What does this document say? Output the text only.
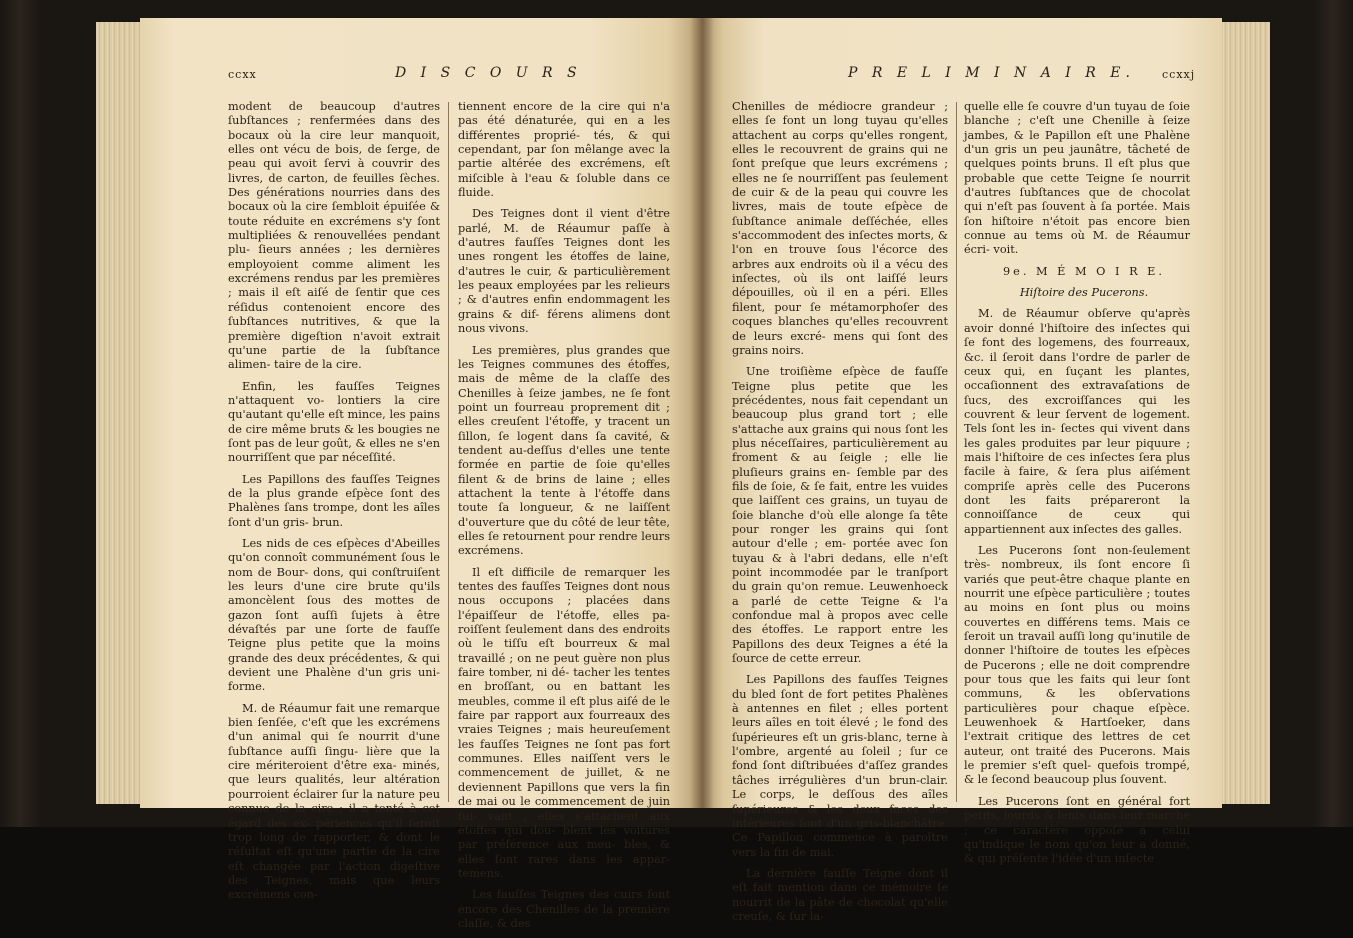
ccxx	D I S C O U R S

modent de beaucoup d'autres ſubſtances ; renfermées dans des bocaux où la cire leur manquoit, elles ont vécu de bois, de ſerge, de peau qui avoit ſervi à couvrir des livres, de carton, de feuilles ſèches. Des générations nourries dans des bocaux où la cire ſembloit épuiſée & toute réduite en excrémens s'y ſont multipliées & renouvellées pendant plu- ſieurs années ; les dernières employoient comme aliment les excrémens rendus par les premières ; mais il eſt aiſé de ſentir que ces réſidus contenoient encore des ſubſtances nutritives, & que la première digeſtion n'avoit extrait qu'une partie de la ſubſtance alimen- taire de la cire.

Enfin, les fauſſes Teignes n'attaquent vo- lontiers la cire qu'autant qu'elle eſt mince, les pains de cire même bruts & les bougies ne ſont pas de leur goût, & elles ne s'en nourriſſent que par néceſſité.

Les Papillons des fauſſes Teignes de la plus grande eſpèce ſont des Phalènes ſans trompe, dont les aîles ſont d'un gris- brun.

Les nids de ces eſpèces d'Abeilles qu'on connoît communément ſous le nom de Bour- dons, qui conſtruiſent les leurs d'une cire brute qu'ils amoncèlent ſous des mottes de gazon ſont auſſi ſujets à être dévaſtés par une ſorte de fauſſe Teigne plus petite que la moins grande des deux précédentes, & qui devient une Phalène d'un gris uni- forme.

M. de Réaumur fait une remarque bien ſenſée, c'eſt que les excrémens d'un animal qui ſe nourrit d'une ſubſtance auſſi ſingu- lière que la cire mériteroient d'être exa- minés, que leurs qualités, leur altération pourroient éclairer ſur la nature peu connue de la cire ; il a tenté à cet égard des ex- périences qu'il ſeroit trop long de rapporter, & dont le réſultat eſt qu'une partie de la cire eſt changée par l'action digeſtive des Teignes, mais que leurs excrémens con-

tiennent encore de la cire qui n'a pas été dénaturée, qui en a les différentes proprié- tés, & qui cependant, par ſon mêlange avec la partie altérée des excrémens, eſt miſcible à l'eau & ſoluble dans ce fluide.

Des Teignes dont il vient d'être parlé, M. de Réaumur paſſe à d'autres fauſſes Teignes dont les unes rongent les étoffes de laine, d'autres le cuir, & particulièrement les peaux employées par les relieurs ; & d'autres enfin endommagent les grains & dif- férens alimens dont nous vivons.

Les premières, plus grandes que les Teignes communes des étoffes, mais de même de la claſſe des Chenilles à ſeize jambes, ne ſe font point un fourreau proprement dit ; elles creuſent l'étoffe, y tracent un ſillon, ſe logent dans ſa cavité, & tendent au-deſſus d'elles une tente formée en partie de ſoie qu'elles filent & de brins de laine ; elles attachent la tente à l'étoffe dans toute ſa longueur, & ne laiſſent d'ouverture que du côté de leur tête, elles ſe retournent pour rendre leurs excrémens.

Il eſt difficile de remarquer les tentes des fauſſes Teignes dont nous nous occupons ; placées dans l'épaiſſeur de l'étoffe, elles pa- roiſſent ſeulement dans des endroits où le tiſſu eſt bourreux & mal travaillé ; on ne peut guère non plus faire tomber, ni dé- tacher les tentes en broſſant, ou en battant les meubles, comme il eſt plus aiſé de le faire par rapport aux fourreaux des vraies Teignes ; mais heureuſement les fauſſes Teignes ne ſont pas fort communes. Elles naiſſent vers le commencement de juillet, & ne deviennent Papillons que vers la fin de mai ou le commencement de juin ſui- vant ; elles s'attachent aux étoffes qui dou- blent les voitures par préférence aux meu- bles, & elles ſont rares dans les appar- temens.

Les fauſſes Teignes des cuirs ſont encore des Chenilles de la première claſſe, & des

P R E L I M I N A I R E. ccxxj

Chenilles de médiocre grandeur ; elles ſe font un long tuyau qu'elles attachent au corps qu'elles rongent, elles le recouvrent de grains qui ne ſont preſque que leurs excrémens ; elles ne ſe nourriſſent pas ſeulement de cuir & de la peau qui couvre les livres, mais de toute eſpèce de ſubſtance animale deſſéchée, elles s'accommodent des inſectes morts, & l'on en trouve ſous l'écorce des arbres aux endroits où il a vécu des inſectes, où ils ont laiſſé leurs dépouilles, où il en a péri. Elles filent, pour ſe métamorphoſer des coques blanches qu'elles recouvrent de leurs excré- mens qui ſont des grains noirs.

Une troiſième eſpèce de fauſſe Teigne plus petite que les précédentes, nous fait cependant un beaucoup plus grand tort ; elle s'attache aux grains qui nous ſont les plus néceſſaires, particulièrement au froment & au ſeigle ; elle lie pluſieurs grains en- ſemble par des fils de ſoie, & ſe fait, entre les vuides que laiſſent ces grains, un tuyau de ſoie blanche d'où elle alonge ſa tête pour ronger les grains qui ſont autour d'elle ; em- portée avec ſon tuyau & à l'abri dedans, elle n'eſt point incommodée par le tranſport du grain qu'on remue. Leuwenhoeck a parlé de cette Teigne & l'a confondue mal à propos avec celle des étoffes. Le rapport entre les Papillons des deux Teignes a été la ſource de cette erreur.

Les Papillons des fauſſes Teignes du bled ſont de fort petites Phalènes à antennes en filet ; elles portent leurs aîles en toit élevé ; le fond des ſupérieures eſt un gris-blanc, terne à l'ombre, argenté au ſoleil ; ſur ce fond ſont diſtribuées d'aſſez grandes tâches irrégulières d'un brun-clair. Le corps, le deſſous des aîles ſupérieures & les deux faces des inférieures ſont d'un gris-blanchâtre. Ce Papillon commence à paroître vers la fin de mai.

La dernière fauſſe Teigne dont il eſt fait mention dans ce mémoire ſe nourrit de la pâte de chocolat qu'elle creuſe, & ſur la-

quelle elle ſe couvre d'un tuyau de ſoie blanche ; c'eſt une Chenille à ſeize jambes, & le Papillon eſt une Phalène d'un gris un peu jaunâtre, tâcheté de quelques points bruns. Il eſt plus que probable que cette Teigne ſe nourrit d'autres ſubſtances que de chocolat qui n'eſt pas ſouvent à ſa portée. Mais ſon hiſtoire n'étoit pas encore bien connue au tems où M. de Réaumur écri- voit.

9e. M É M O I R E.

Hiſtoire des Pucerons.

M. de Réaumur obſerve qu'après avoir donné l'hiſtoire des inſectes qui ſe font des logemens, des fourreaux, &c. il ſeroit dans l'ordre de parler de ceux qui, en ſuçant les plantes, occaſionnent des extravaſations de ſucs, des excroiſſances qui les couvrent & leur ſervent de logement. Tels ſont les in- ſectes qui vivent dans les gales produites par leur piquure ; mais l'hiſtoire de ces inſectes ſera plus facile à faire, & ſera plus aiſément compriſe après celle des Pucerons dont les faits prépareront la connoiſſance de ceux qui appartiennent aux inſectes des galles.

Les Pucerons ſont non-ſeulement très- nombreux, ils ſont encore ſi variés que peut-être chaque plante en nourrit une eſpèce particulière ; toutes au moins en ſont plus ou moins couvertes en différens tems. Mais ce ſeroit un travail auſſi long qu'inutile de donner l'hiſtoire de toutes les eſpèces de Pucerons ; elle ne doit comprendre pour tous que les faits qui leur ſont communs, & les obſervations particulières pour chaque eſpèce. Leuwenhoek & Hartſoeker, dans l'extrait critique des lettres de cet auteur, ont traité des Pucerons. Mais le premier s'eſt quel- quefois trompé, & le ſecond beaucoup plus ſouvent.

Les Pucerons ſont en général fort petits, lourds & lents dans leur marche ; ce caractère oppoſé à celui qu'indique le nom qu'on leur a donné, & qui préſente l'idée d'un inſecte
